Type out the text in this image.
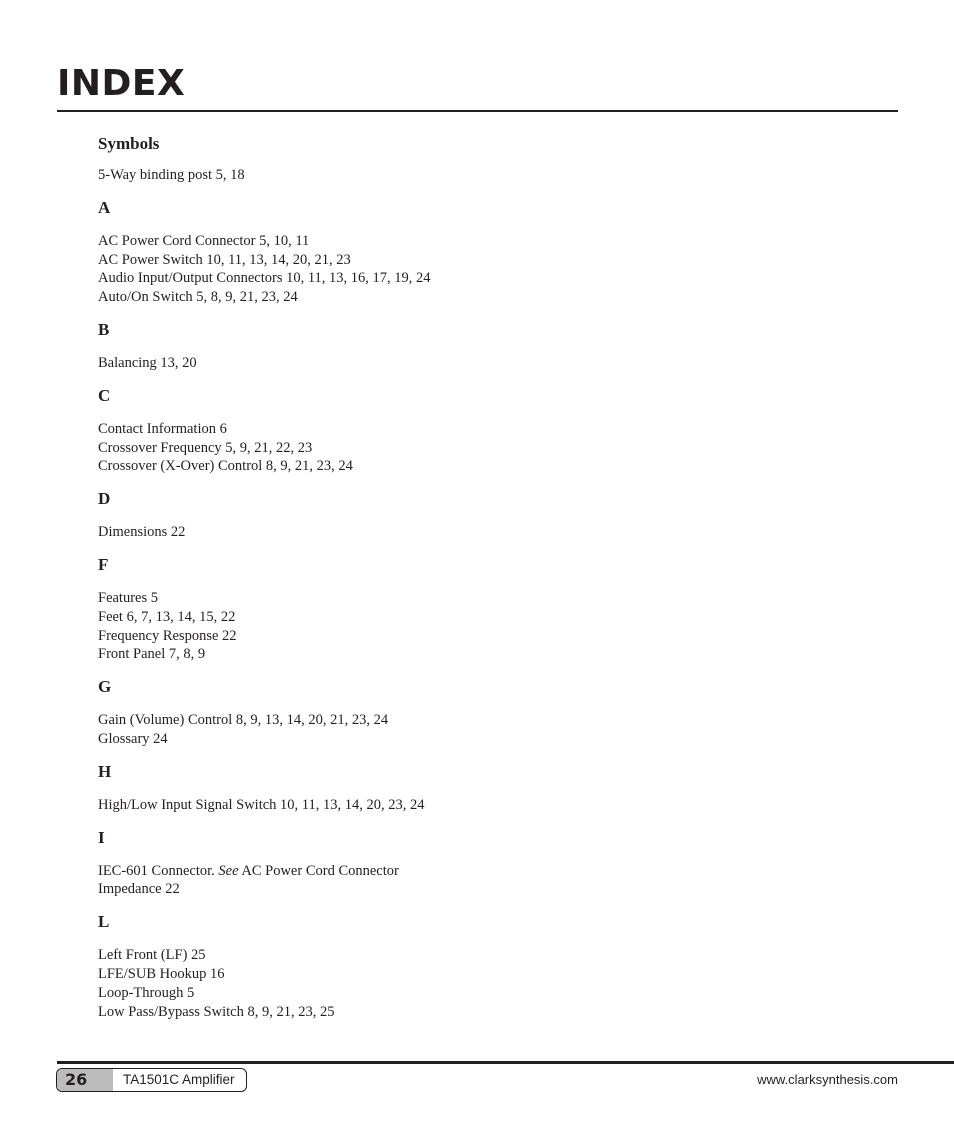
INDEX
Symbols

5-Way binding post 5, 18

A

AC Power Cord Connector 5, 10, 11

AC Power Switch 10, 11, 13, 14, 20, 21, 23

Audio Input/Output Connectors 10, 11, 13, 16, 17, 19, 24

Auto/On Switch 5, 8, 9, 21, 23, 24

B

Balancing 13, 20

C

Contact Information 6

Crossover Frequency 5, 9, 21, 22, 23

Crossover (X-Over) Control 8, 9, 21, 23, 24

D

Dimensions 22

F

Features 5

Feet 6, 7, 13, 14, 15, 22

Frequency Response 22

Front Panel 7, 8, 9

G

Gain (Volume) Control 8, 9, 13, 14, 20, 21, 23, 24

Glossary 24

H

High/Low Input Signal Switch 10, 11, 13, 14, 20, 23, 24

I

IEC-601 Connector. See AC Power Cord Connector

Impedance 22

L

Left Front (LF) 25

LFE/SUB Hookup 16

Loop-Through 5

Low Pass/Bypass Switch 8, 9, 21, 23, 25

26	TA1501C Amplifier	www.clarksynthesis.com
